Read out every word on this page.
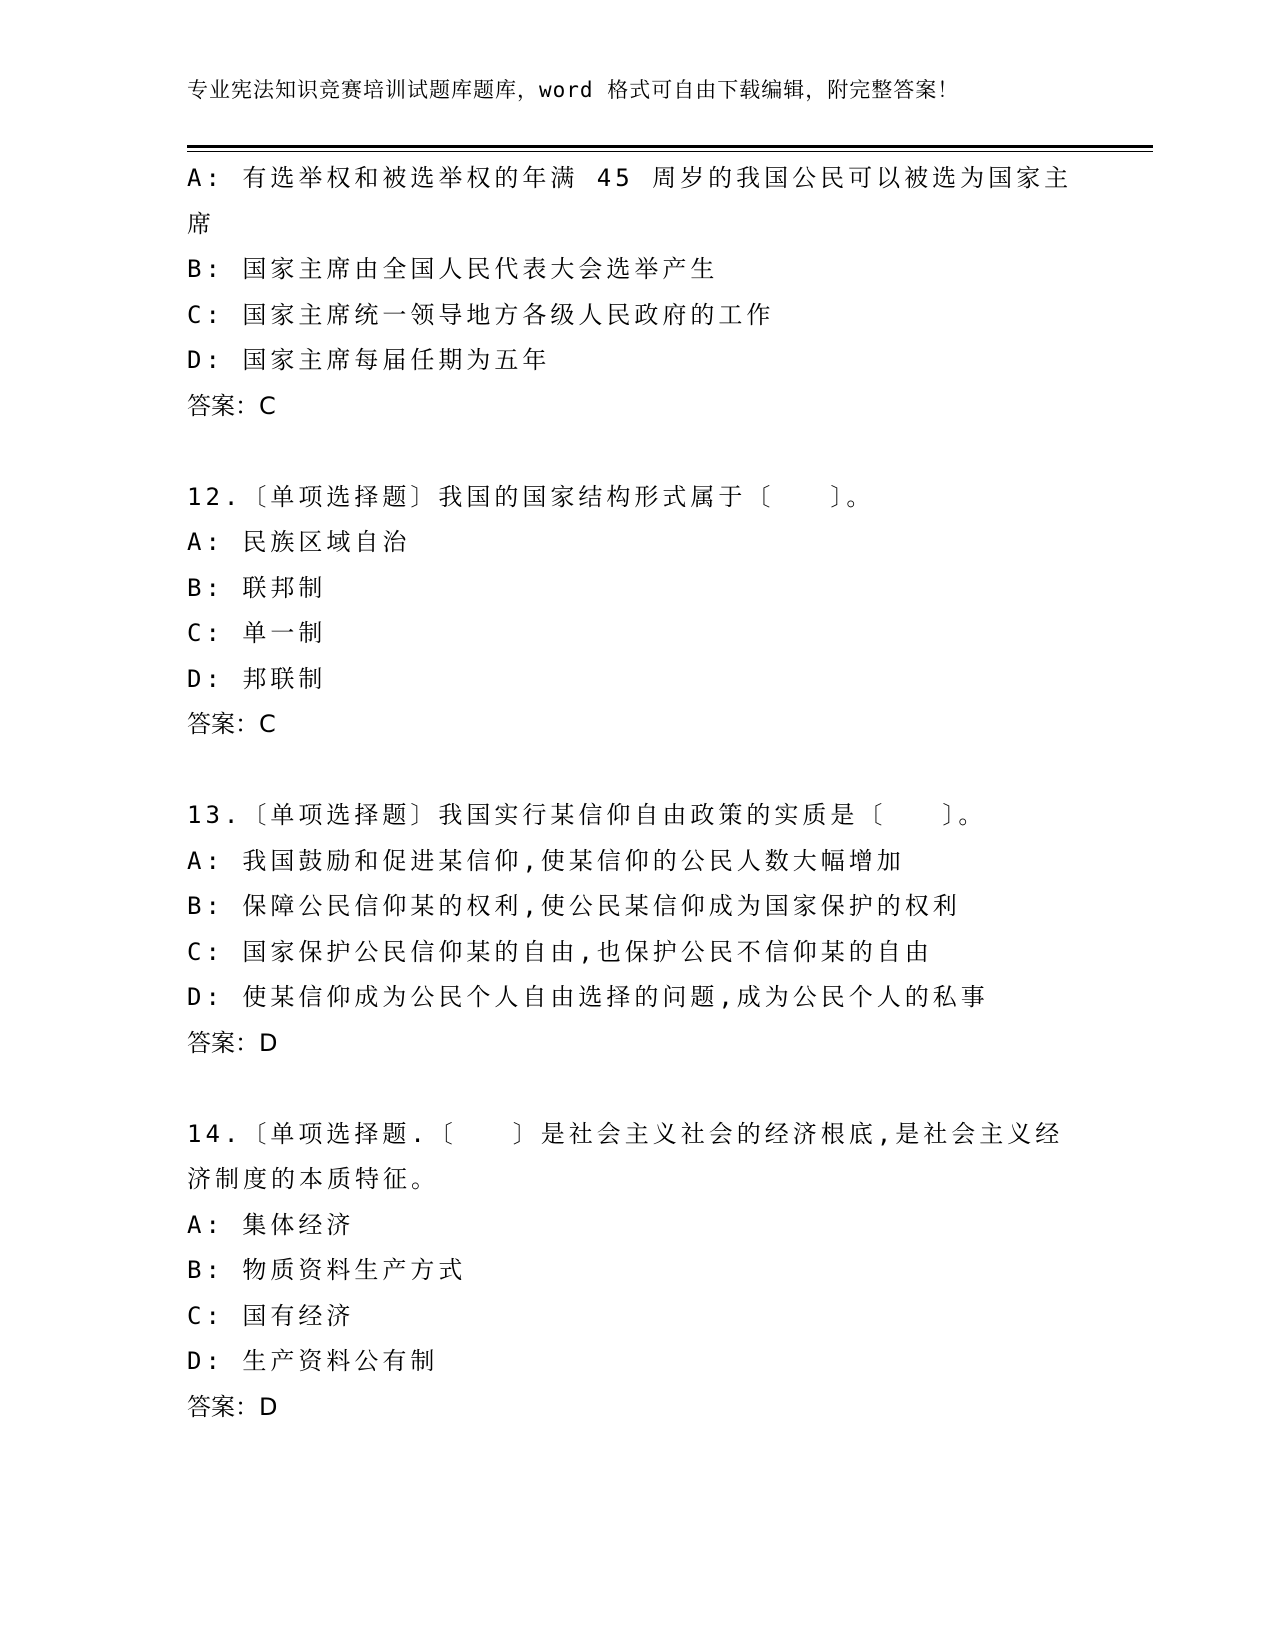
专业宪法知识竞赛培训试题库题库，word 格式可自由下载编辑，附完整答案！
A: 有选举权和被选举权的年满 45 周岁的我国公民可以被选为国家主
席
B: 国家主席由全国人民代表大会选举产生
C: 国家主席统一领导地方各级人民政府的工作
D: 国家主席每届任期为五年
答案：C
12.〔单项选择题〕我国的国家结构形式属于〔　　〕。
A: 民族区域自治
B: 联邦制
C: 单一制
D: 邦联制
答案：C
13.〔单项选择题〕我国实行某信仰自由政策的实质是〔　　〕。
A: 我国鼓励和促进某信仰,使某信仰的公民人数大幅增加
B: 保障公民信仰某的权利,使公民某信仰成为国家保护的权利
C: 国家保护公民信仰某的自由,也保护公民不信仰某的自由
D: 使某信仰成为公民个人自由选择的问题,成为公民个人的私事
答案：D
14.〔单项选择题.〔　　〕是社会主义社会的经济根底,是社会主义经
济制度的本质特征。
A: 集体经济
B: 物质资料生产方式
C: 国有经济
D: 生产资料公有制
答案：D
